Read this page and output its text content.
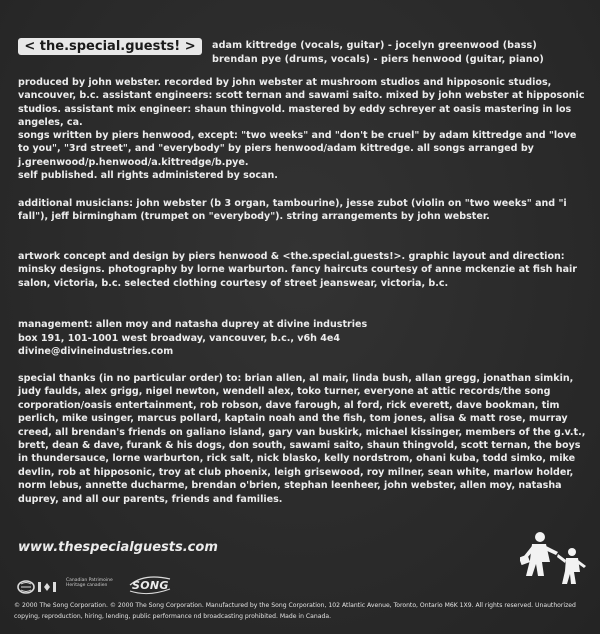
< the.special.guests! >	adam kittredge (vocals, guitar) - jocelyn greenwood (bass)
brendan pye (drums, vocals) - piers henwood (guitar, piano)

produced by john webster. recorded by john webster at mushroom studios and hipposonic studios, vancouver, b.c. assistant engineers: scott ternan and sawami saito. mixed by john webster at hipposonic studios. assistant mix engineer: shaun thingvold. mastered by eddy schreyer at oasis mastering in los angeles, ca.

songs written by piers henwood, except: "two weeks" and "don't be cruel" by adam kittredge and "love to you", "3rd street", and "everybody" by piers henwood/adam kittredge. all songs arranged by j.greenwood/p.henwood/a.kittredge/b.pye.

self published. all rights administered by socan.

additional musicians: john webster (b 3 organ, tambourine), jesse zubot (violin on "two weeks" and "i fall"), jeff birmingham (trumpet on "everybody"). string arrangements by john webster.

artwork concept and design by piers henwood & <the.special.guests!>. graphic layout and direction: minsky designs. photography by lorne warburton. fancy haircuts courtesy of anne mckenzie at fish hair salon, victoria, b.c. selected clothing courtesy of street jeanswear, victoria, b.c.

management: allen moy and natasha duprey at divine industries

box 191, 101-1001 west broadway, vancouver, b.c., v6h 4e4

divine@divineindustries.com

special thanks (in no particular order) to: brian allen, al mair, linda bush, allan gregg, jonathan simkin, judy faulds, alex grigg, nigel newton, wendell alex, toko turner, everyone at attic records/the song corporation/oasis entertainment, rob robson, dave farough, al ford, rick everett, dave bookman, tim perlich, mike usinger, marcus pollard, kaptain noah and the fish, tom jones, alisa & matt rose, murray creed, all brendan's friends on galiano island, gary van buskirk, michael kissinger, members of the g.v.t., brett, dean & dave, furank & his dogs, don south, sawami saito, shaun thingvold, scott ternan, the boys in thundersauce, lorne warburton, rick salt, nick blasko, kelly nordstrom, ohani kuba, todd simko, mike devlin, rob at hipposonic, troy at club phoenix, leigh grisewood, roy milner, sean white, marlow holder, norm lebus, annette ducharme, brendan o'brien, stephan leenheer, john webster, allen moy, natasha duprey, and all our parents, friends and families.

www.thespecialguests.com
Canadian Patrimoine
Heritage canadien	SONG
© 2000 The Song Corporation. © 2000 The Song Corporation. Manufactured by the Song Corporation, 102 Atlantic Avenue, Toronto, Ontario M6K 1X9. All rights reserved. Unauthorized copying, reproduction, hiring, lending, public performance nd broadcasting prohibited. Made in Canada.
